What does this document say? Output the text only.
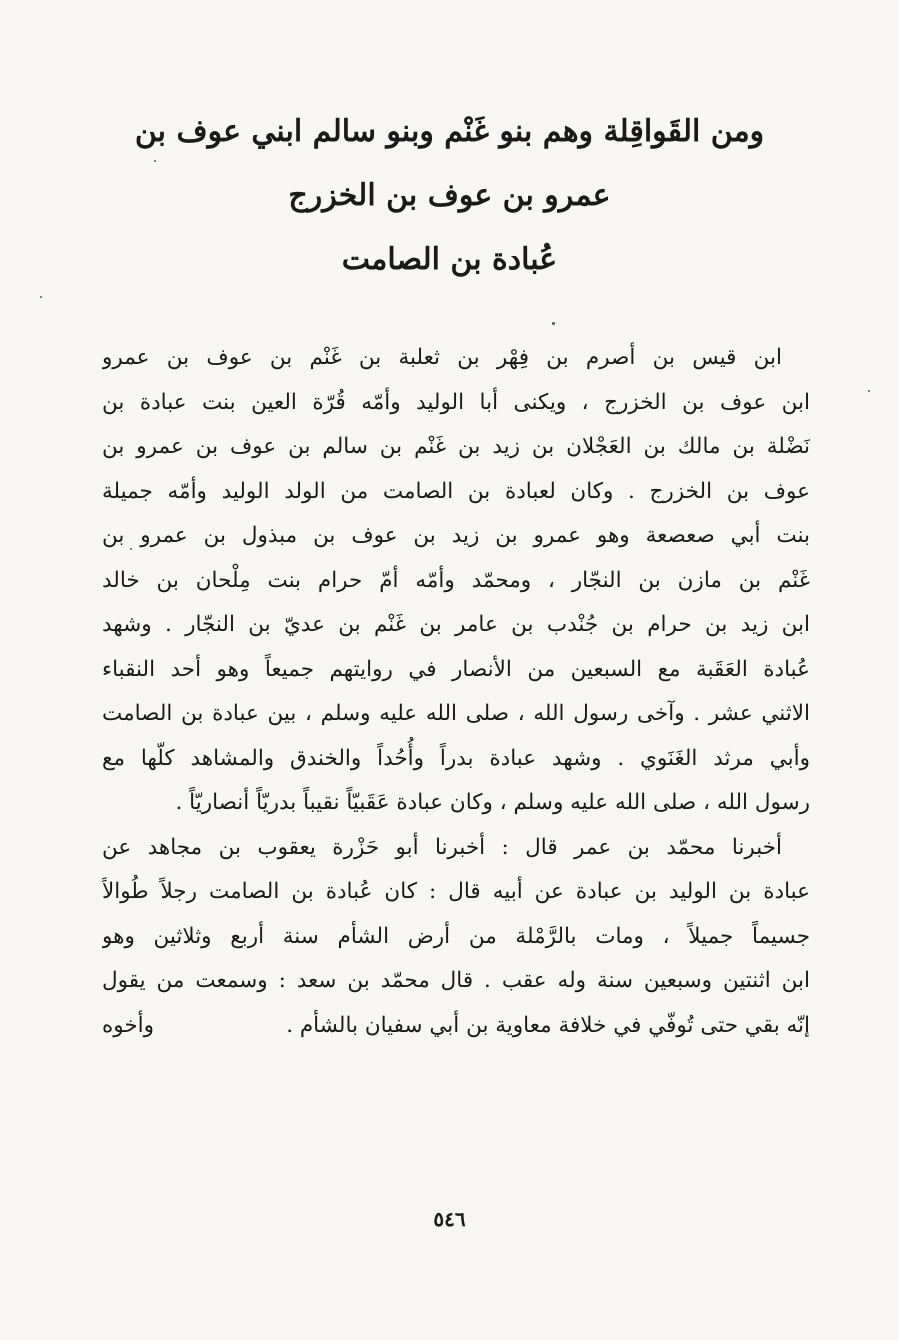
ومن القَواقِلة وهم بنو غَنْم وبنو سالم ابني عوف بن
عمرو بن عوف بن الخزرج
عُبادة بن الصامت
ابن قيس بن أصرم بن فِهْر بن ثعلبة بن غَنْم بن عوف بن عمرو
ابن عوف بن الخزرج ، ويكنى أبا الوليد وأمّه قُرّة العين بنت عبادة بن
نَضْلة بن مالك بن العَجْلان بن زيد بن غَنْم بن سالم بن عوف بن عمرو بن
عوف بن الخزرج . وكان لعبادة بن الصامت من الولد الوليد وأمّه جميلة
بنت أبي صعصعة وهو عمرو بن زيد بن عوف بن مبذول بن عمرو بن
غَنْم بن مازن بن النجّار ، ومحمّد وأمّه أمّ حرام بنت مِلْحان بن خالد
ابن زيد بن حرام بن جُنْدب بن عامر بن غَنْم بن عديّ بن النجّار . وشهد
عُبادة العَقَبة مع السبعين من الأنصار في روايتهم جميعاً وهو أحد النقباء
الاثني عشر . وآخى رسول الله ، صلى الله عليه وسلم ، بين عبادة بن الصامت
وأبي مرثد الغَنَوي . وشهد عبادة بدراً وأُحُداً والخندق والمشاهد كلّها مع
رسول الله ، صلى الله عليه وسلم ، وكان عبادة عَقَبيّاً نقيباً بدريّاً أنصاريّاً .
أخبرنا محمّد بن عمر قال : أخبرنا أبو حَزْرة يعقوب بن مجاهد عن
عبادة بن الوليد بن عبادة عن أبيه قال : كان عُبادة بن الصامت رجلاً طُوالاً
جسيماً جميلاً ، ومات بالرَّمْلة من أرض الشأم سنة أربع وثلاثين وهو
ابن اثنتين وسبعين سنة وله عقب . قال محمّد بن سعد : وسمعت من يقول
إنّه بقي حتى تُوفّي في خلافة معاوية بن أبي سفيان بالشأم .
وأخوه
٥٤٦
